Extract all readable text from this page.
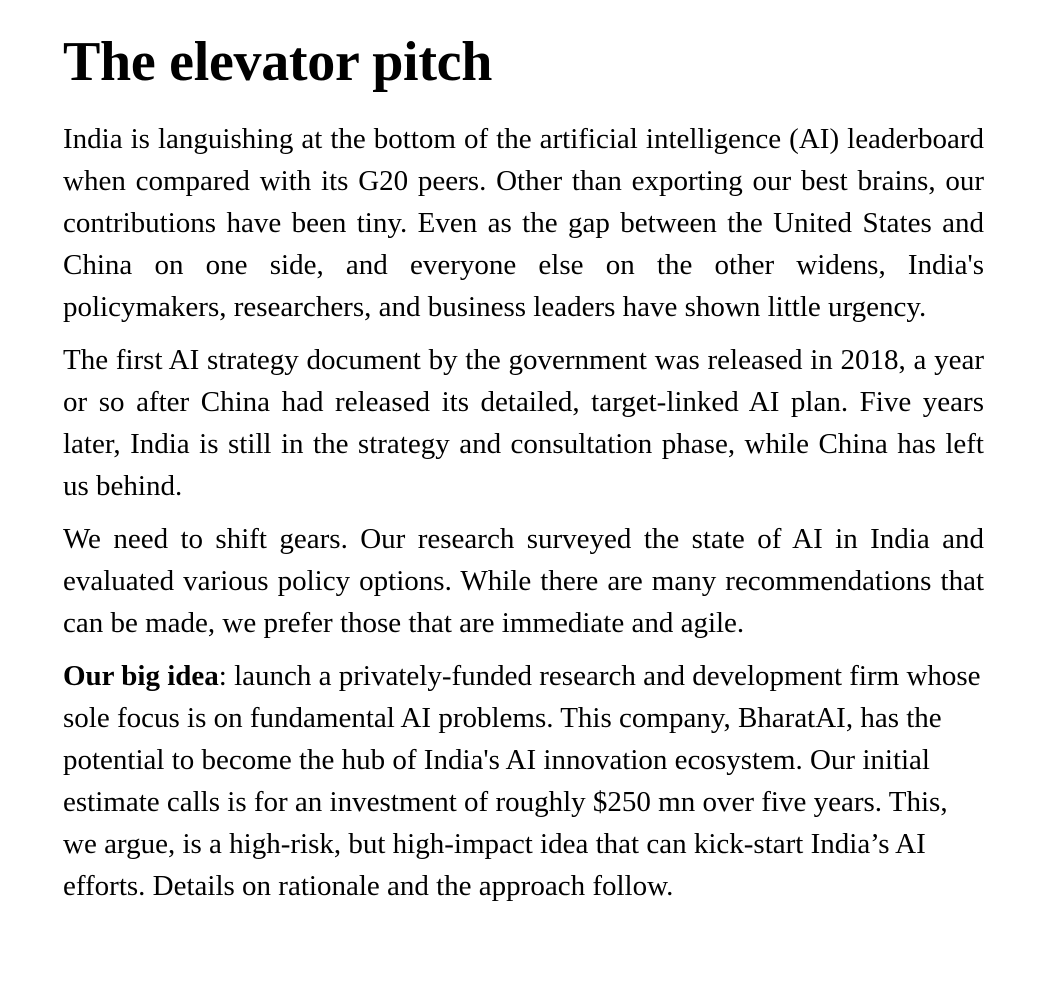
The elevator pitch

India is languishing at the bottom of the artificial intelligence (AI) leaderboard when compared with its G20 peers. Other than exporting our best brains, our contributions have been tiny. Even as the gap between the United States and China on one side, and everyone else on the other widens, India's policymakers, researchers, and business leaders have shown little urgency.

The first AI strategy document by the government was released in 2018, a year or so after China had released its detailed, target-linked AI plan. Five years later, India is still in the strategy and consultation phase, while China has left us behind.

We need to shift gears. Our research surveyed the state of AI in India and evaluated various policy options. While there are many recommendations that can be made, we prefer those that are immediate and agile.

Our big idea: launch a privately-funded research and development firm whose sole focus is on fundamental AI problems. This company, BharatAI, has the potential to become the hub of India's AI innovation ecosystem. Our initial estimate calls is for an investment of roughly $250 mn over five years. This, we argue, is a high-risk, but high-impact idea that can kick-start India’s AI efforts. Details on rationale and the approach follow.
